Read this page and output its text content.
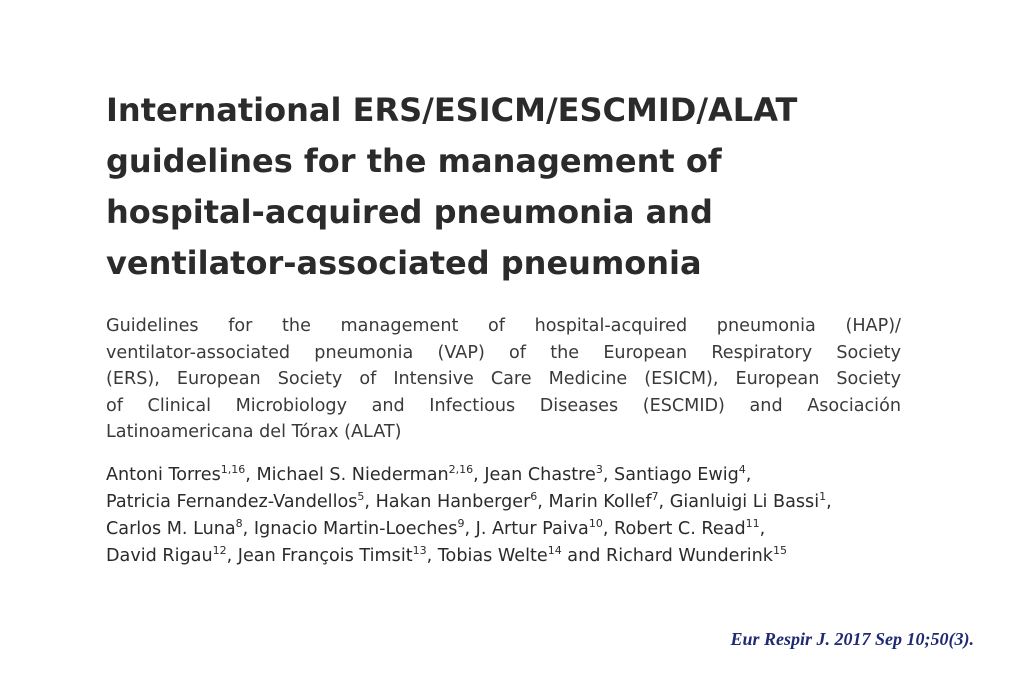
International ERS/ESICM/ESCMID/ALAT
guidelines for the management of
hospital-acquired pneumonia and
ventilator-associated pneumonia

Guidelines for the management of hospital-acquired pneumonia (HAP)/
ventilator-associated pneumonia (VAP) of the European Respiratory Society
(ERS), European Society of Intensive Care Medicine (ESICM), European Society
of Clinical Microbiology and Infectious Diseases (ESCMID) and Asociación
Latinoamericana del Tórax (ALAT)

Antoni Torres$^{1,16}$, Michael S. Niederman$^{2,16}$, Jean Chastre$^3$, Santiago Ewig$^4$,
Patricia Fernandez-Vandellos$^5$, Hakan Hanberger$^6$, Marin Kollef$^7$, Gianluigi Li Bassi$^1$,
Carlos M. Luna$^8$, Ignacio Martin-Loeches$^9$, J. Artur Paiva$^{10}$, Robert C. Read$^{11}$,
David Rigau$^{12}$, Jean François Timsit$^{13}$, Tobias Welte$^{14}$ and Richard Wunderink$^{15}$
Eur Respir J. 2017 Sep 10;50(3).
